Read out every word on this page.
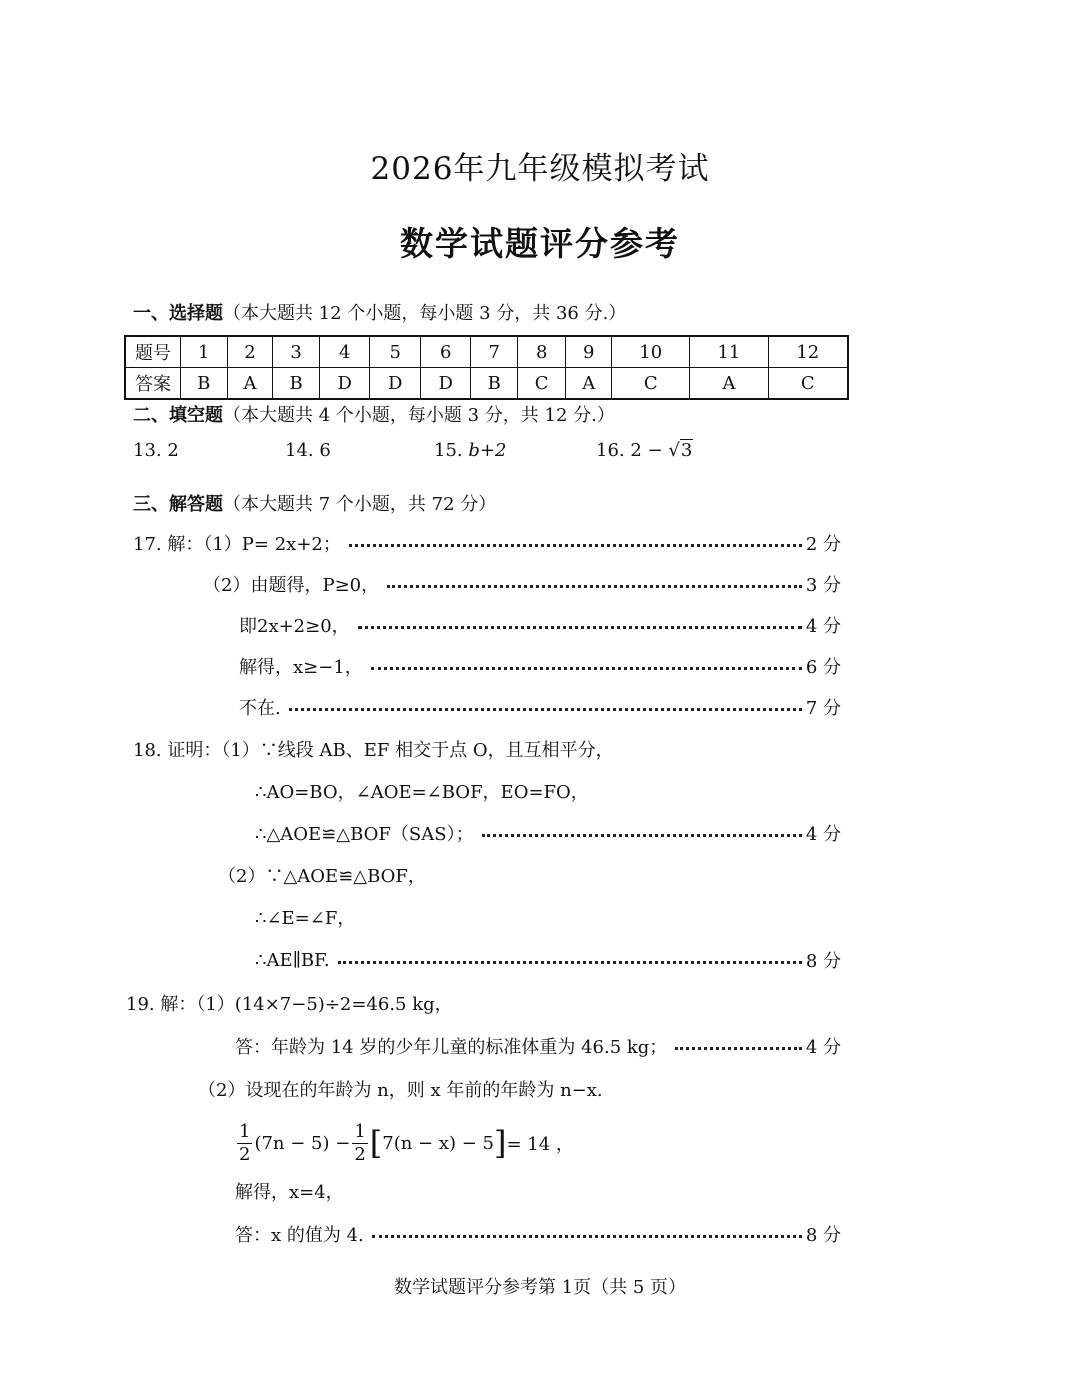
2026年九年级模拟考试
数学试题评分参考
一、选择题（本大题共 12 个小题，每小题 3 分，共 36 分.）
题号	1	2	3	4	5	6	7	8	9	10	11	12
答案	B	A	B	D	D	D	B	C	A	C	A	C
二、填空题（本大题共 4 个小题，每小题 3 分，共 12 分.）
13. 2	14. 6	15. b+2	16. 2 − √3
三、解答题（本大题共 7 个小题，共 72 分）
17. 解：（1）P= 2x+2；	2 分
（2）由题得，P≥0，	3 分
即2x+2≥0，	4 分
解得，x≥−1，	6 分
不在.	7 分
18. 证明：（1）∵线段 AB、EF 相交于点 O，且互相平分，
∴AO=BO，∠AOE=∠BOF，EO=FO，
∴△AOE≌△BOF（SAS）；	4 分
（2）∵△AOE≌△BOF，
∴∠E=∠F，
∴AE∥BF.	8 分
19. 解：（1）(14×7−5)÷2=46.5 kg，
答：年龄为 14 岁的少年儿童的标准体重为 46.5 kg；	4 分
（2）设现在的年龄为 n，则 x 年前的年龄为 n−x.
$\frac{1}{2} (7n - 5) - \frac{1}{2}$ [ 7(n − x) − 5 ] = 14 ，
解得，x=4，
答：x 的值为 4.	8 分
数学试题评分参考第 1页（共 5 页）
